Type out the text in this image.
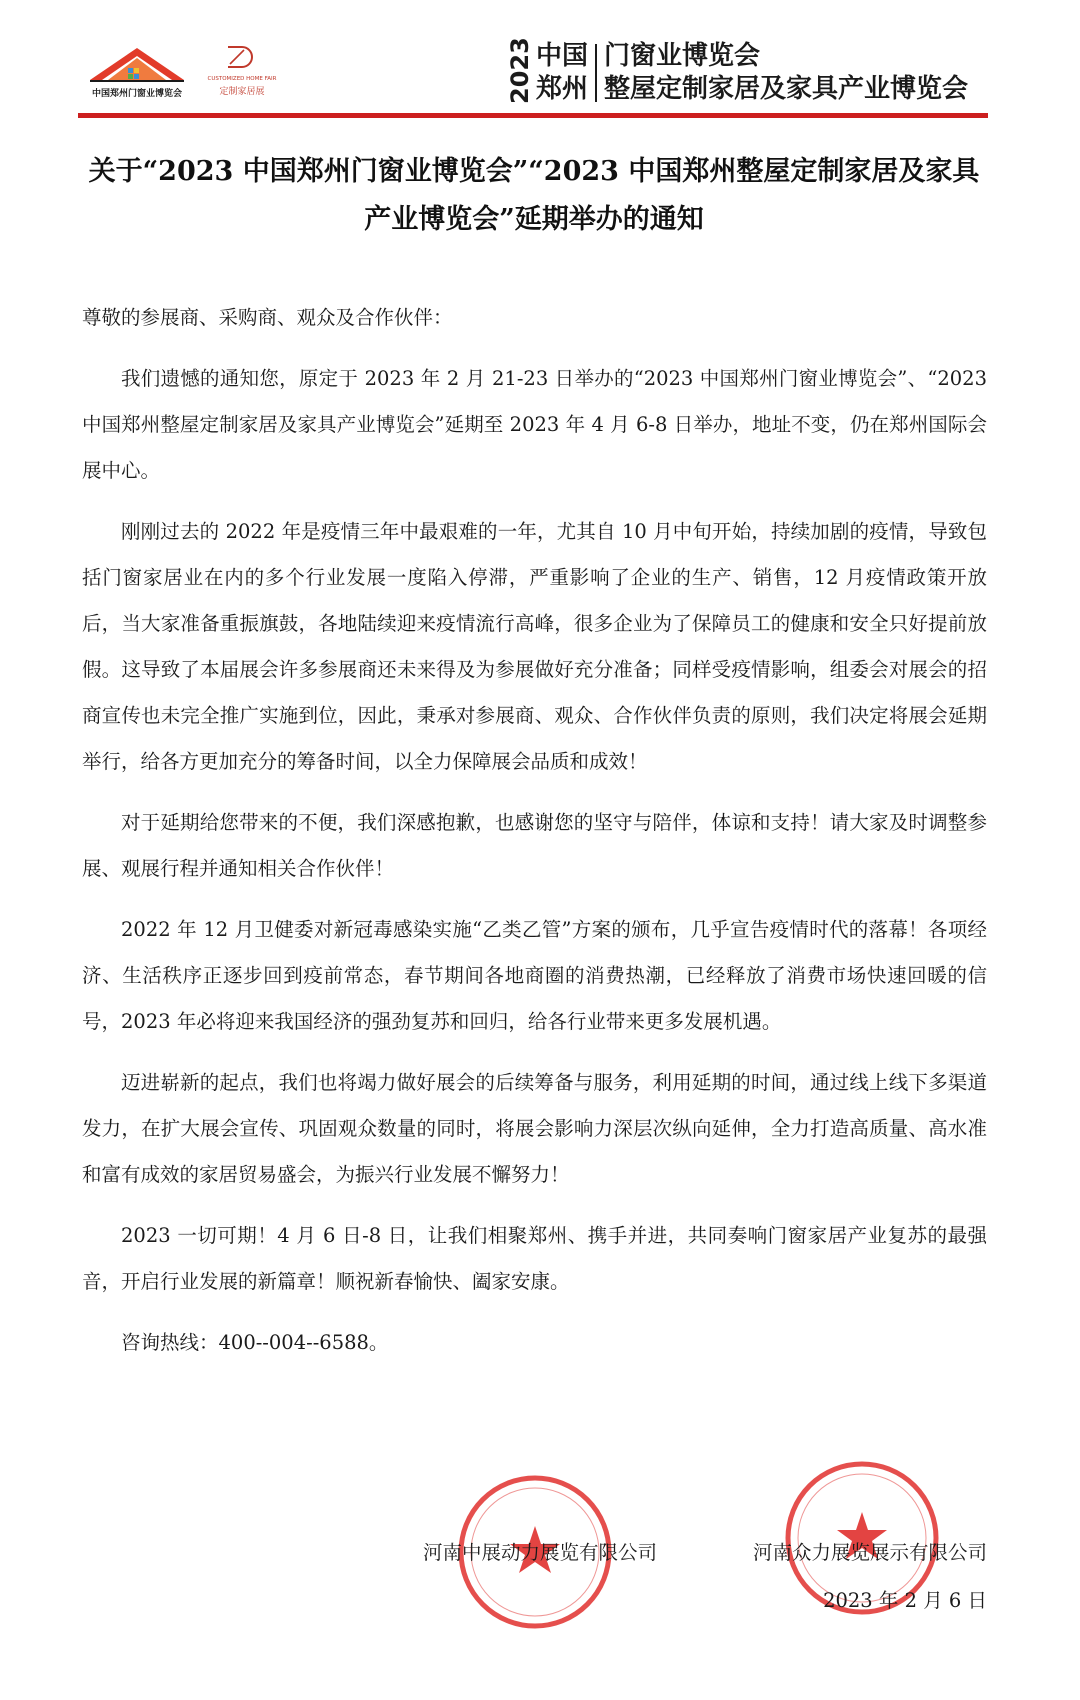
中国郑州门窗业博览会
CUSTOMIZED HOME FAIR
定制家居展	2023 中国郑州
门窗业博览会
整屋定制家居及家具产业博览会
关于“2023 中国郑州门窗业博览会”“2023 中国郑州整屋定制家居及家具产业博览会”延期举办的通知

尊敬的参展商、采购商、观众及合作伙伴：

我们遗憾的通知您，原定于 2023 年 2 月 21-23 日举办的“2023 中国郑州门窗业博览会”、“2023 中国郑州整屋定制家居及家具产业博览会”延期至 2023 年 4 月 6-8 日举办，地址不变，仍在郑州国际会展中心。

刚刚过去的 2022 年是疫情三年中最艰难的一年，尤其自 10 月中旬开始，持续加剧的疫情，导致包括门窗家居业在内的多个行业发展一度陷入停滞，严重影响了企业的生产、销售，12 月疫情政策开放后，当大家准备重振旗鼓，各地陆续迎来疫情流行高峰，很多企业为了保障员工的健康和安全只好提前放假。这导致了本届展会许多参展商还未来得及为参展做好充分准备；同样受疫情影响，组委会对展会的招商宣传也未完全推广实施到位，因此，秉承对参展商、观众、合作伙伴负责的原则，我们决定将展会延期举行，给各方更加充分的筹备时间，以全力保障展会品质和成效！

对于延期给您带来的不便，我们深感抱歉，也感谢您的坚守与陪伴，体谅和支持！请大家及时调整参展、观展行程并通知相关合作伙伴！

2022 年 12 月卫健委对新冠毒感染实施“乙类乙管”方案的颁布，几乎宣告疫情时代的落幕！各项经济、生活秩序正逐步回到疫前常态，春节期间各地商圈的消费热潮，已经释放了消费市场快速回暖的信号，2023 年必将迎来我国经济的强劲复苏和回归，给各行业带来更多发展机遇。

迈进崭新的起点，我们也将竭力做好展会的后续筹备与服务，利用延期的时间，通过线上线下多渠道发力，在扩大展会宣传、巩固观众数量的同时，将展会影响力深层次纵向延伸，全力打造高质量、高水准和富有成效的家居贸易盛会，为振兴行业发展不懈努力！

2023 一切可期！4 月 6 日-8 日，让我们相聚郑州、携手并进，共同奏响门窗家居产业复苏的最强音，开启行业发展的新篇章！顺祝新春愉快、阖家安康。

咨询热线：400--004--6588。

河南中展动力展览有限公司	河南众力展览展示有限公司
2023 年 2 月 6 日
